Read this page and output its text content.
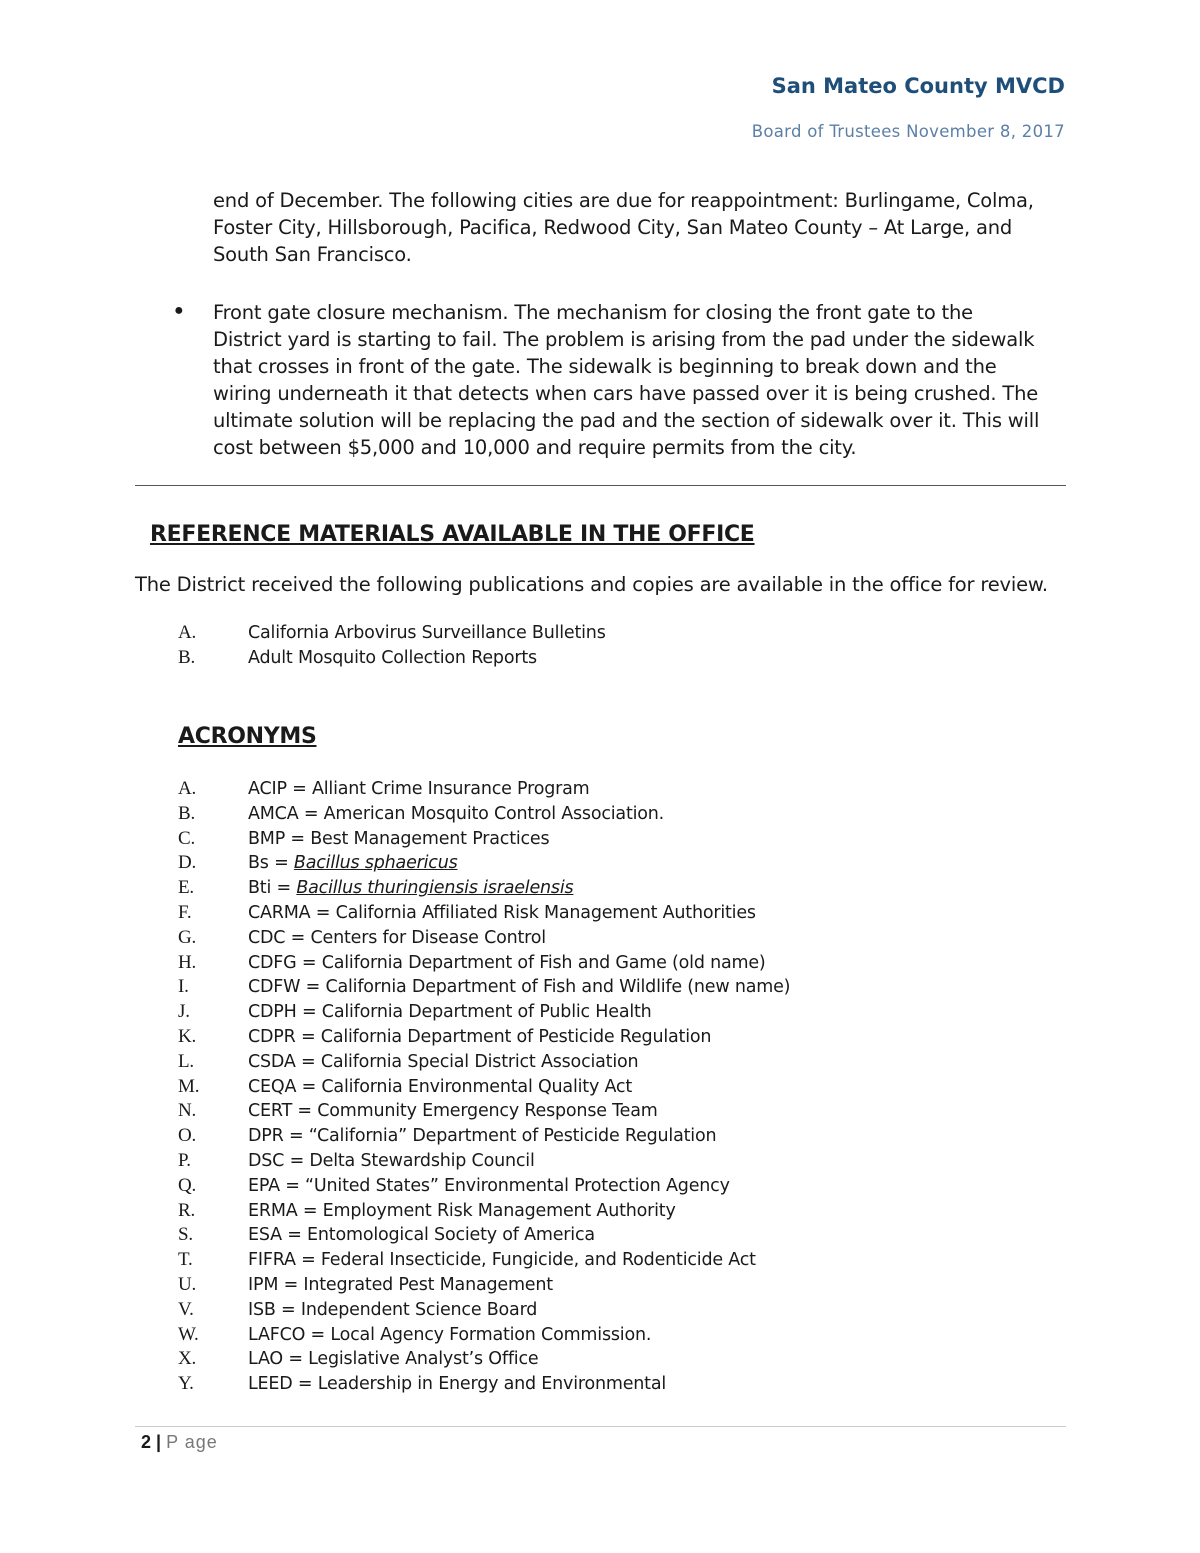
San Mateo County MVCD
Board of Trustees November 8, 2017
end of December. The following cities are due for reappointment: Burlingame, Colma, Foster City, Hillsborough, Pacifica, Redwood City, San Mateo County – At Large, and South San Francisco.
● Front gate closure mechanism. The mechanism for closing the front gate to the District yard is starting to fail. The problem is arising from the pad under the sidewalk that crosses in front of the gate. The sidewalk is beginning to break down and the wiring underneath it that detects when cars have passed over it is being crushed. The ultimate solution will be replacing the pad and the section of sidewalk over it. This will cost between $5,000 and 10,000 and require permits from the city.
REFERENCE MATERIALS AVAILABLE IN THE OFFICE
The District received the following publications and copies are available in the office for review.
A.	California Arbovirus Surveillance Bulletins
B.	Adult Mosquito Collection Reports
ACRONYMS
A.	ACIP = Alliant Crime Insurance Program
B.	AMCA = American Mosquito Control Association.
C.	BMP = Best Management Practices
D.	Bs = Bacillus sphaericus
E.	Bti = Bacillus thuringiensis israelensis
F.	CARMA = California Affiliated Risk Management Authorities
G.	CDC = Centers for Disease Control
H.	CDFG = California Department of Fish and Game (old name)
I.	CDFW = California Department of Fish and Wildlife (new name)
J.	CDPH = California Department of Public Health
K.	CDPR = California Department of Pesticide Regulation
L.	CSDA = California Special District Association
M.	CEQA = California Environmental Quality Act
N.	CERT = Community Emergency Response Team
O.	DPR = “California” Department of Pesticide Regulation
P.	DSC = Delta Stewardship Council
Q.	EPA = “United States” Environmental Protection Agency
R.	ERMA = Employment Risk Management Authority
S.	ESA = Entomological Society of America
T.	FIFRA = Federal Insecticide, Fungicide, and Rodenticide Act
U.	IPM = Integrated Pest Management
V.	ISB = Independent Science Board
W.	LAFCO = Local Agency Formation Commission.
X.	LAO = Legislative Analyst’s Office
Y.	LEED = Leadership in Energy and Environmental
2 | P age
